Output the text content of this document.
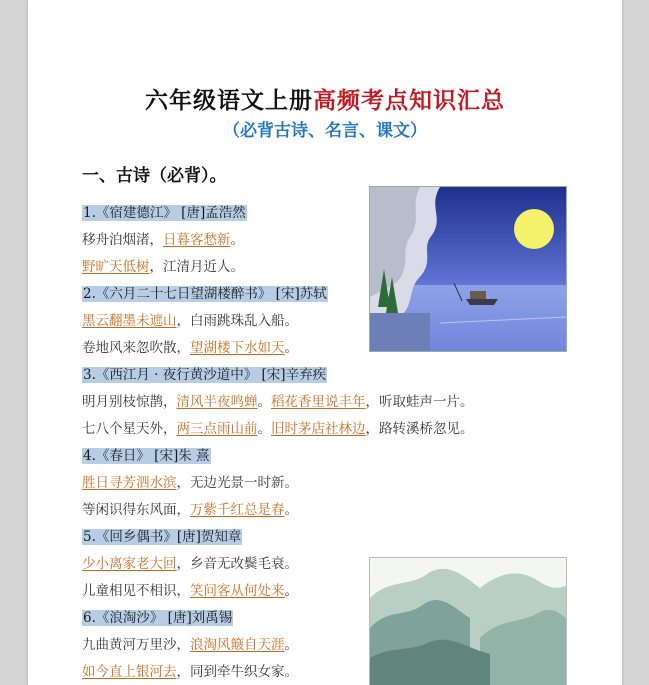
六年级语文上册高频考点知识汇总
（必背古诗、名言、课文）
一、古诗（必背）。
1.《宿建德江》 [唐]孟浩然
移舟泊烟渚，日暮客愁新。
野旷天低树，江清月近人。
2.《六月二十七日望湖楼醉书》 [宋]苏轼
黑云翻墨未遮山，白雨跳珠乱入船。
卷地风来忽吹散，望湖楼下水如天。
3.《西江月 · 夜行黄沙道中》 [宋]辛弃疾
明月别枝惊鹊，清风半夜鸣蝉。稻花香里说丰年，听取蛙声一片。
七八个星天外，两三点雨山前。旧时茅店社林边，路转溪桥忽见。
4.《春日》 [宋]朱 熹
胜日寻芳泗水滨，无边光景一时新。
等闲识得东风面，万紫千红总是春。
5.《回乡偶书》[唐]贺知章
少小离家老大回，乡音无改鬓毛衰。
儿童相见不相识，笑问客从何处来。
6.《浪淘沙》 [唐]刘禹锡
九曲黄河万里沙，浪淘风簸自天涯。
如今直上银河去，同到牵牛织女家。
